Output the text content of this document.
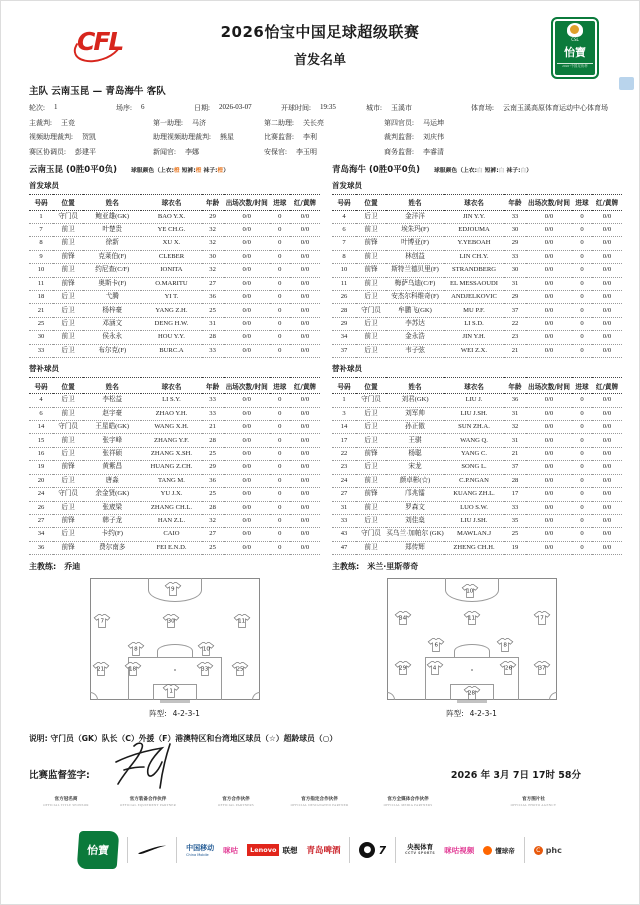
CFL	2026怡宝中国足球超级联赛
首发名单
CSL
怡寶
2026·中国足协杯
主队 云南玉昆 — 青岛海牛 客队
轮次: 1	场序: 6	日期: 2026-03-07	开球时间: 19:35	城市: 玉溪市	体育场: 云南玉溪高原体育运动中心体育场
主裁判: 王竞	第一助理: 马济	第二助理: 关长亮	第四官员: 马运坤
视频助理裁判: 贺凯	助理视频助理裁判: 熊星	比赛监督: 李利	裁判监督: 刘庆伟
赛区协调员: 彭建平	新闻官: 李娜	安保官: 李玉明	商务监督: 李睿清
云南玉昆 (0胜0平0负) 球服颜色（上衣:橙 短裤:橙 袜子:橙）
首发球员
号码	位置	姓名	球衣名	年龄	出场次数/时间	进球	红/黄牌
1	守门员	鲍亚雄(GK)	BAO Y.X.	29	0/0	0	0/0
7	前卫	叶楚贵	YE CH.G.	32	0/0	0	0/0
8	前卫	徐新	XU X.	32	0/0	0	0/0
9	前锋	克莱伯(F)	CLEBER	30	0/0	0	0/0
10	前卫	约尼查(C/F)	IONITA	32	0/0	0	0/0
11	前锋	奥斯卡(F)	O.MARITU	27	0/0	0	0/0
18	后卫	弋腾	YI T.	36	0/0	0	0/0
21	后卫	杨梓豪	YANG Z.H.	25	0/0	0	0/0
25	后卫	邓涵文	DENG H.W.	31	0/0	0	0/0
30	前卫	侯永永	HOU Y.Y.	28	0/0	0	0/0
33	后卫	布尔克(F)	BURC.A	33	0/0	0	0/0
替补球员
号码	位置	姓名	球衣名	年龄	出场次数/时间	进球	红/黄牌
4	后卫	李松益	LI S.Y.	33	0/0	0	0/0
6	前卫	赵宇豪	ZHAO Y.H.	33	0/0	0	0/0
14	守门员	王星皓(GK)	WANG X.H.	21	0/0	0	0/0
15	前卫	张宇峰	ZHANG Y.F.	28	0/0	0	0/0
16	后卫	张祥硕	ZHANG X.SH.	25	0/0	0	0/0
19	前锋	黄紫昌	HUANG Z.CH.	29	0/0	0	0/0
20	后卫	唐淼	TANG M.	36	0/0	0	0/0
24	守门员	余金贤(GK)	YU J.X.	25	0/0	0	0/0
26	后卫	张宬梁	ZHANG CH.L.	28	0/0	0	0/0
27	前锋	韩子龙	HAN Z.L.	32	0/0	0	0/0
34	后卫	卡约(F)	CAIO	27	0/0	0	0/0
36	前锋	费尔南多	FEI E.N.D.	25	0/0	0	0/0
主教练: 乔迪
9
7	30	11
8	10
21	18	33	25
1
阵型: 4-2-3-1
青岛海牛 (0胜0平0负) 球服颜色（上衣:白 短裤:白 袜子:白）
首发球员
号码	位置	姓名	球衣名	年龄	出场次数/时间	进球	红/黄牌
4	后卫	金洋洋	JIN Y.Y.	33	0/0	0	0/0
6	前卫	埃朱玛(F)	EDJOUMA	30	0/0	0	0/0
7	前锋	叶博亚(F)	Y.YEBOAH	29	0/0	0	0/0
8	前卫	林创益	LIN CH.Y.	33	0/0	0	0/0
10	前锋	斯特兰德贝里(F)	STRANDBERG	30	0/0	0	0/0
11	前卫	梅萨乌迪(C/F)	EL MESSAOUDI	31	0/0	0	0/0
26	后卫	安杰尔科维奇(F)	ANDJELKOVIC	29	0/0	0	0/0
28	守门员	牟鹏飞(GK)	MU P.F.	37	0/0	0	0/0
29	后卫	李苏达	LI S.D.	22	0/0	0	0/0
34	前卫	金永浩	JIN Y.H.	23	0/0	0	0/0
37	后卫	韦子弦	WEI Z.X.	21	0/0	0	0/0
替补球员
号码	位置	姓名	球衣名	年龄	出场次数/时间	进球	红/黄牌
1	守门员	刘君(GK)	LIU J.	36	0/0	0	0/0
3	后卫	刘军帅	LIU J.SH.	31	0/0	0	0/0
14	后卫	孙正傲	SUN ZH.A.	32	0/0	0	0/0
17	后卫	王骐	WANG Q.	31	0/0	0	0/0
22	前锋	杨聪	YANG C.	21	0/0	0	0/0
23	后卫	宋龙	SONG L.	37	0/0	0	0/0
24	前卫	颜卓彬(☆)	C.P.NGAN	28	0/0	0	0/0
27	前锋	邝兆镭	KUANG ZH.L.	17	0/0	0	0/0
31	前卫	罗森文	LUO S.W.	33	0/0	0	0/0
33	后卫	刘佳燊	LIU J.SH.	35	0/0	0	0/0
43	守门员	买乌兰·加帕尔 (GK)	MAWLAN.J	25	0/0	0	0/0
47	前卫	郑传辉	ZHENG CH.H.	19	0/0	0	0/0
主教练: 米兰·里斯蒂奇
10
34	11	7
6	8
29	4	26	37
28
阵型: 4-2-3-1
说明: 守门员（GK）队长（C）外援（F）港澳特区和台湾地区球员（☆）超龄球员（○）
比赛监督签字:	2026 年 3月 7日 17时 58分
官方冠名商
OFFICIAL TITLE SPONSOR
官方装备合作伙伴
OFFICIAL EQUIPMENT PARTNER
官方合作伙伴
OFFICIAL PARTNERS
官方指定合作伙伴
OFFICIAL DESIGNATED PARTNER
官方全媒体合作伙伴
OFFICIAL MEDIA PARTNERS
官方图片社
OFFICIAL PHOTO AGENCY
怡寶	中国移动
China Mobile
咪咕	Lenovo 联想 青岛啤酒	● 7	央视体育
CCTV SPORTS 咪咕视频	懂球帝	C phc
